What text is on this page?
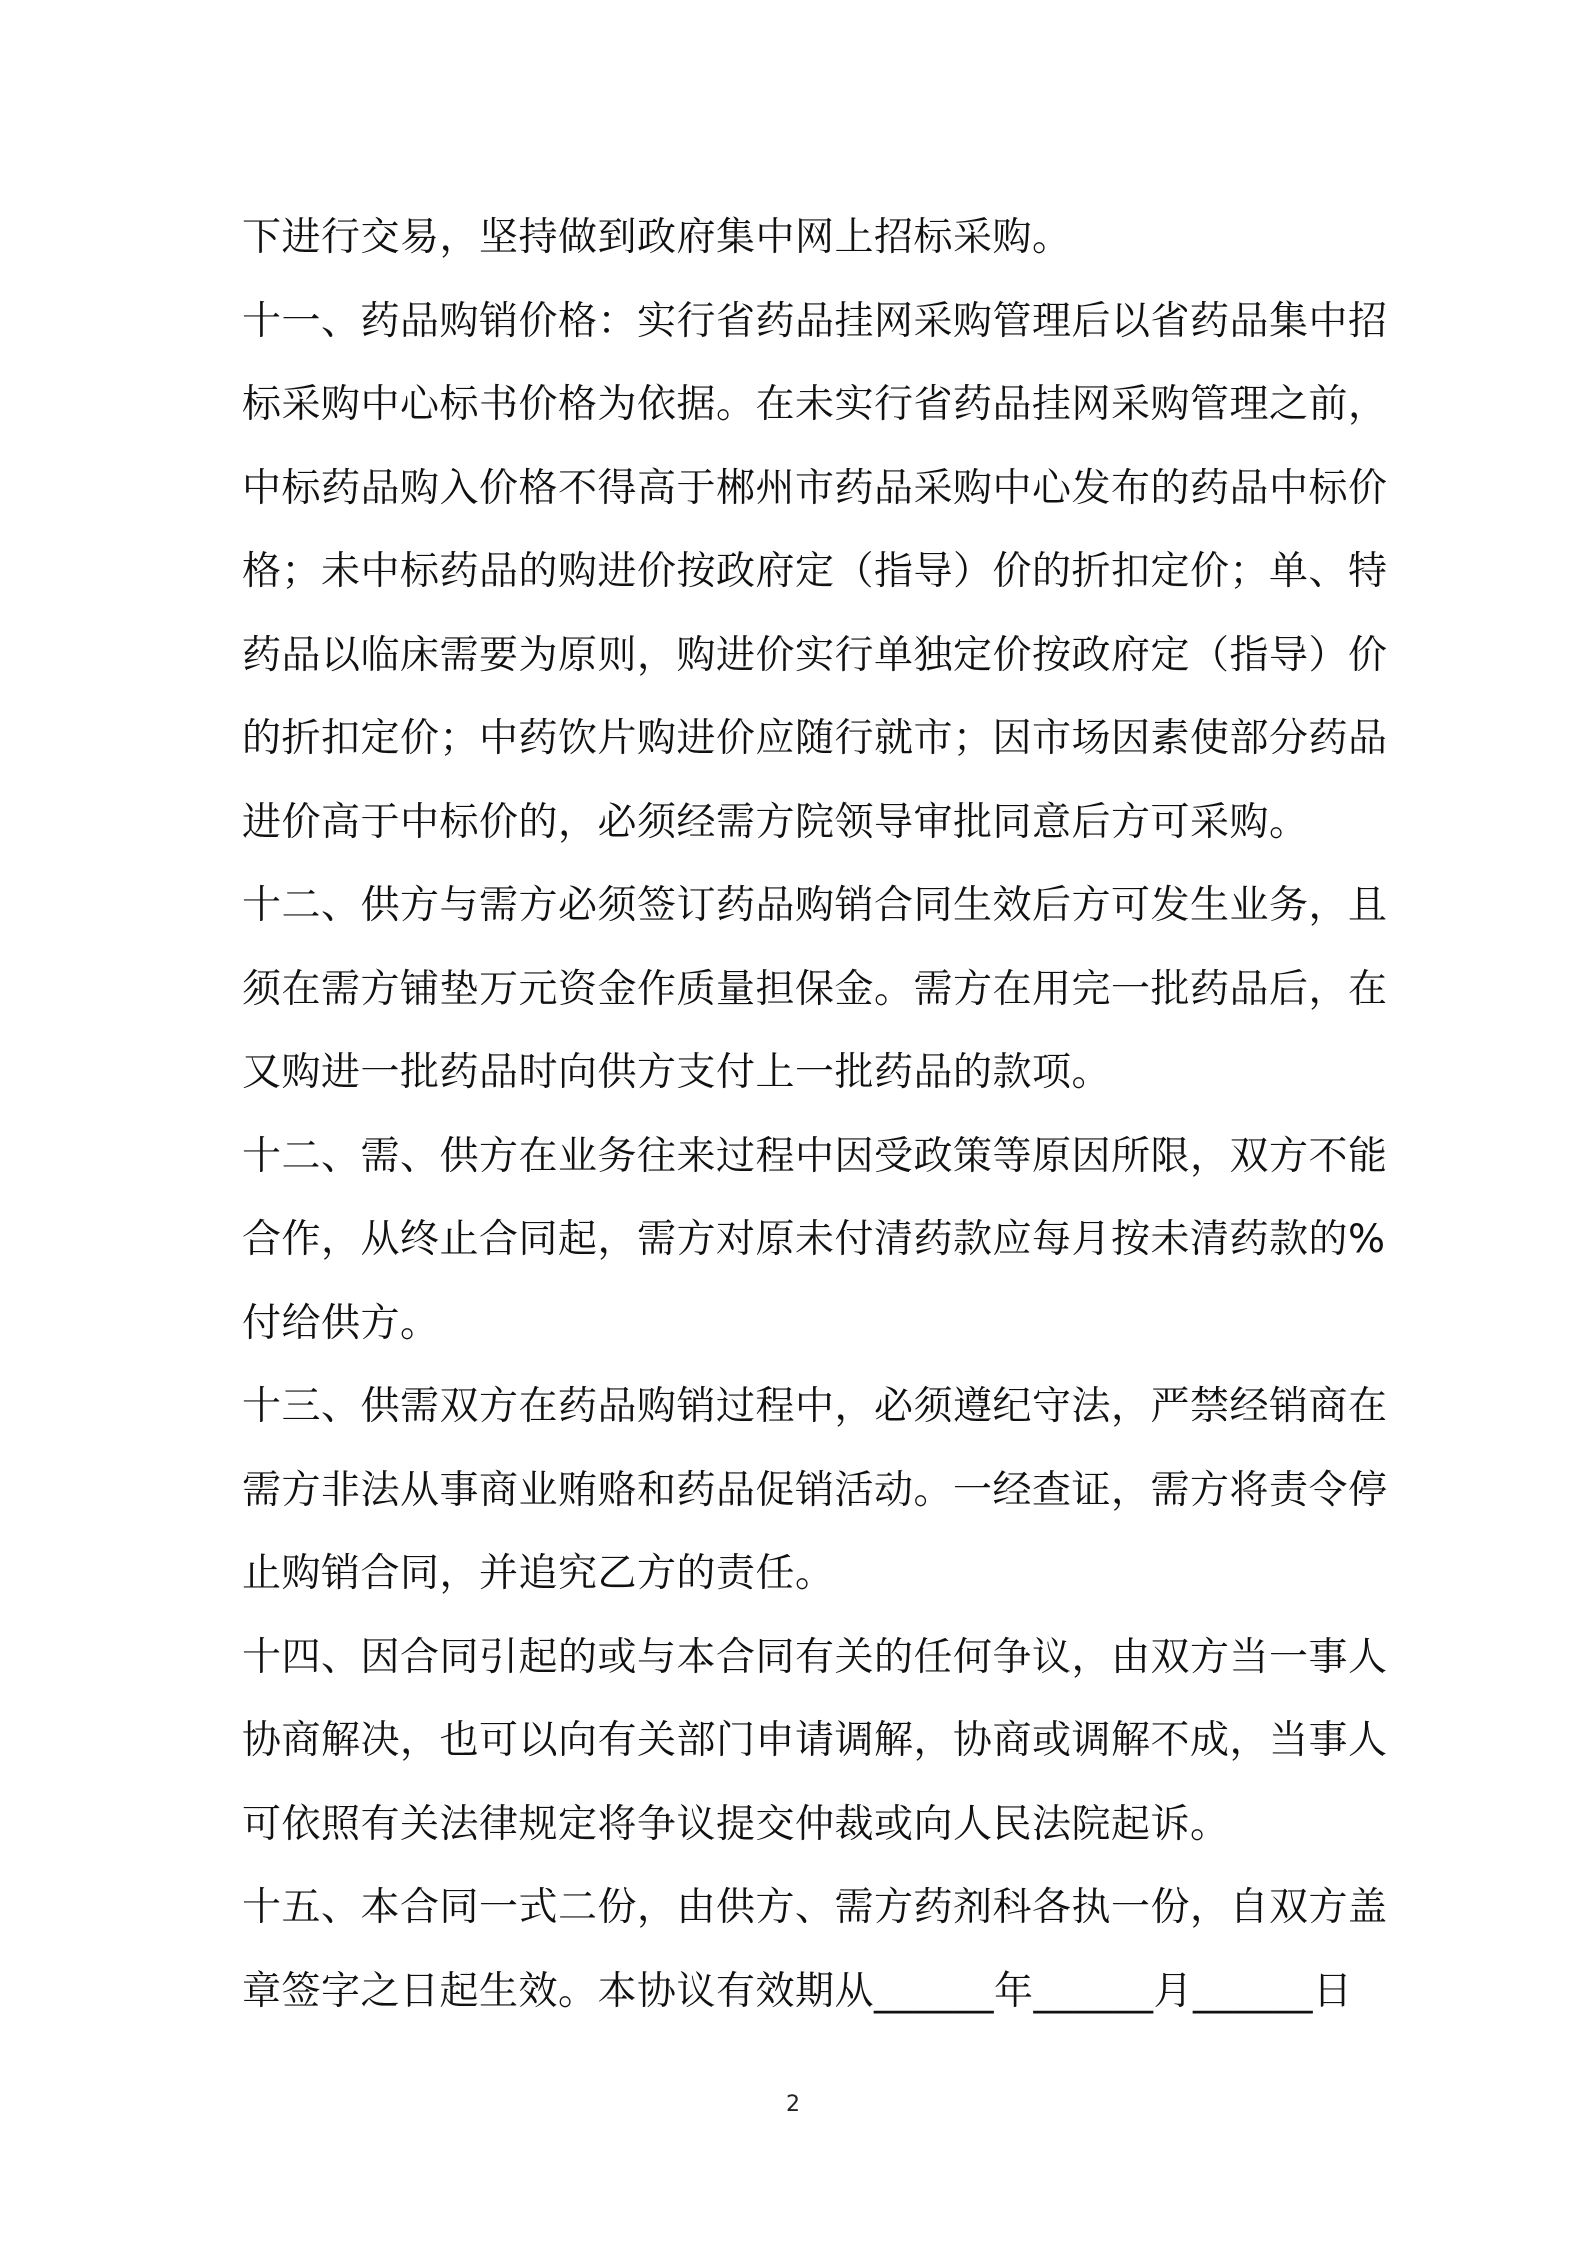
下进行交易，坚持做到政府集中网上招标采购。
十一、药品购销价格：实行省药品挂网采购管理后以省药品集中招
标采购中心标书价格为依据。在未实行省药品挂网采购管理之前，
中标药品购入价格不得高于郴州市药品采购中心发布的药品中标价
格；未中标药品的购进价按政府定（指导）价的折扣定价；单、特
药品以临床需要为原则，购进价实行单独定价按政府定（指导）价
的折扣定价；中药饮片购进价应随行就市；因市场因素使部分药品
进价高于中标价的，必须经需方院领导审批同意后方可采购。
十二、供方与需方必须签订药品购销合同生效后方可发生业务，且
须在需方铺垫万元资金作质量担保金。需方在用完一批药品后，在
又购进一批药品时向供方支付上一批药品的款项。
十二、需、供方在业务往来过程中因受政策等原因所限，双方不能
合作，从终止合同起，需方对原未付清药款应每月按未清药款的%
付给供方。
十三、供需双方在药品购销过程中，必须遵纪守法，严禁经销商在
需方非法从事商业贿赂和药品促销活动。一经查证，需方将责令停
止购销合同，并追究乙方的责任。
十四、因合同引起的或与本合同有关的任何争议，由双方当一事人
协商解决，也可以向有关部门申请调解，协商或调解不成，当事人
可依照有关法律规定将争议提交仲裁或向人民法院起诉。
十五、本合同一式二份，由供方、需方药剂科各执一份，自双方盖
章签字之日起生效。本协议有效期从______年______月______日
2
